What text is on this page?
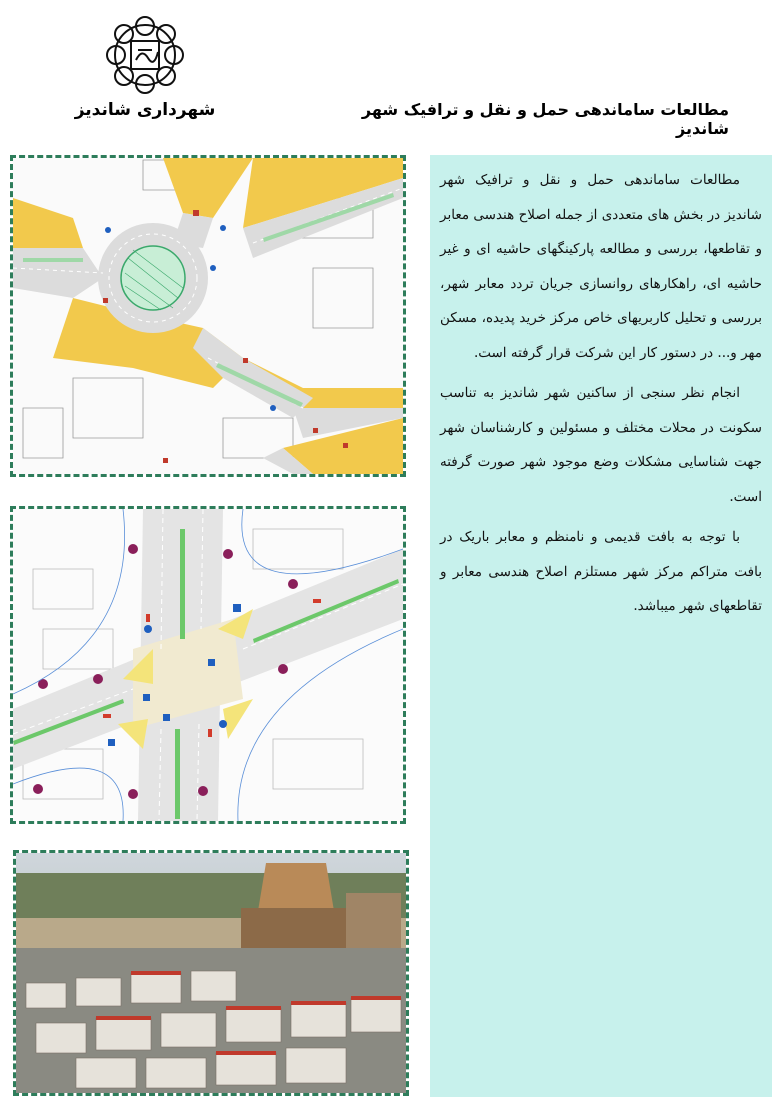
شهرداری شاندیز	مطالعات ساماندهی حمل و نقل و ترافیک شهر شاندیز

مطالعات ساماندهی حمل و نقل و ترافیک شهر شاندیز در بخش های متعددی از جمله اصلاح هندسی معابر و تقاطعها، بررسی و مطالعه پارکینگهای حاشیه ای و غیر حاشیه ای، راهکارهای روانسازی جریان تردد معابر شهر، بررسی و تحلیل کاربریهای خاص مرکز خرید پدیده، مسکن مهر و... در دستور کار این شرکت قرار گرفته است.

انجام نظر سنجی از ساکنین شهر شاندیز به تناسب سکونت در محلات مختلف و مسئولین و کارشناسان شهر جهت شناسایی مشکلات وضع موجود شهر صورت گرفته است.

با توجه به بافت قدیمی و نامنظم و معابر باریک در بافت متراکم مرکز شهر مستلزم اصلاح هندسی معابر و تقاطعهای شهر میباشد.
